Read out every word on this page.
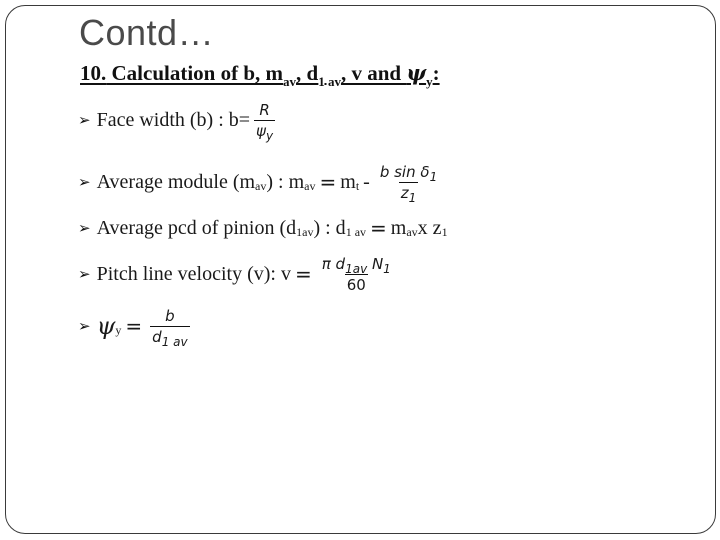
Contd…
10. Calculation of b, $m_{av}$, $d_{1 av}$, v and $\psi_y$:
➢ Face width (b) : $b= \frac{R}{\psi_y}$
➢ Average module (m av ) : m av = m t - $\frac{b \sin \delta_1}{z_1}$
➢ Average pcd of pinion (d 1av ) : d 1 av = m av x z 1
➢ Pitch line velocity (v): $v = \frac{\pi d_{1av} N_1}{60}$
➢ ψ $y = \frac{b}{d_{1 av}}$
